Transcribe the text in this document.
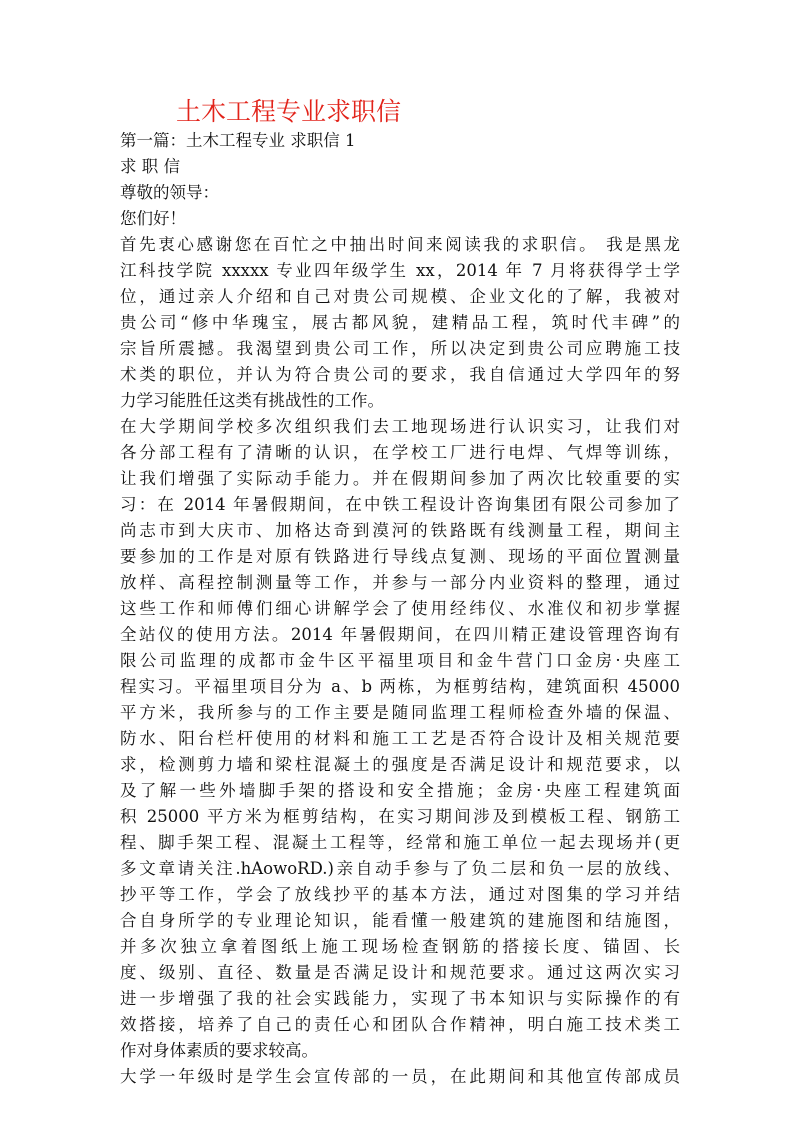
土木工程专业求职信

第一篇：土木工程专业 求职信 1

求 职 信

尊敬的领导：

您们好！

首先衷心感谢您在百忙之中抽出时间来阅读我的求职信。 我是黑龙

江科技学院 xxxxx 专业四年级学生 xx，2014 年 7 月将获得学士学

位，通过亲人介绍和自己对贵公司规模、企业文化的了解，我被对

贵公司“修中华瑰宝，展古都风貌，建精品工程，筑时代丰碑”的

宗旨所震撼。我渴望到贵公司工作，所以决定到贵公司应聘施工技

术类的职位，并认为符合贵公司的要求，我自信通过大学四年的努

力学习能胜任这类有挑战性的工作。

在大学期间学校多次组织我们去工地现场进行认识实习，让我们对

各分部工程有了清晰的认识，在学校工厂进行电焊、气焊等训练，

让我们增强了实际动手能力。并在假期间参加了两次比较重要的实

习：在 2014 年暑假期间，在中铁工程设计咨询集团有限公司参加了

尚志市到大庆市、加格达奇到漠河的铁路既有线测量工程，期间主

要参加的工作是对原有铁路进行导线点复测、现场的平面位置测量

放样、高程控制测量等工作，并参与一部分内业资料的整理，通过

这些工作和师傅们细心讲解学会了使用经纬仪、水准仪和初步掌握

全站仪的使用方法。2014 年暑假期间，在四川精正建设管理咨询有

限公司监理的成都市金牛区平福里项目和金牛营门口金房·央座工

程实习。平福里项目分为 a、b 两栋，为框剪结构，建筑面积 45000

平方米，我所参与的工作主要是随同监理工程师检查外墙的保温、

防水、阳台栏杆使用的材料和施工工艺是否符合设计及相关规范要

求，检测剪力墙和梁柱混凝土的强度是否满足设计和规范要求，以

及了解一些外墙脚手架的搭设和安全措施；金房·央座工程建筑面

积 25000 平方米为框剪结构，在实习期间涉及到模板工程、钢筋工

程、脚手架工程、混凝土工程等，经常和施工单位一起去现场并(更

多文章请关注.hAowoRD.)亲自动手参与了负二层和负一层的放线、

抄平等工作，学会了放线抄平的基本方法，通过对图集的学习并结

合自身所学的专业理论知识，能看懂一般建筑的建施图和结施图，

并多次独立拿着图纸上施工现场检查钢筋的搭接长度、锚固、长

度、级别、直径、数量是否满足设计和规范要求。通过这两次实习

进一步增强了我的社会实践能力，实现了书本知识与实际操作的有

效搭接，培养了自己的责任心和团队合作精神，明白施工技术类工

作对身体素质的要求较高。

大学一年级时是学生会宣传部的一员，在此期间和其他宣传部成员
